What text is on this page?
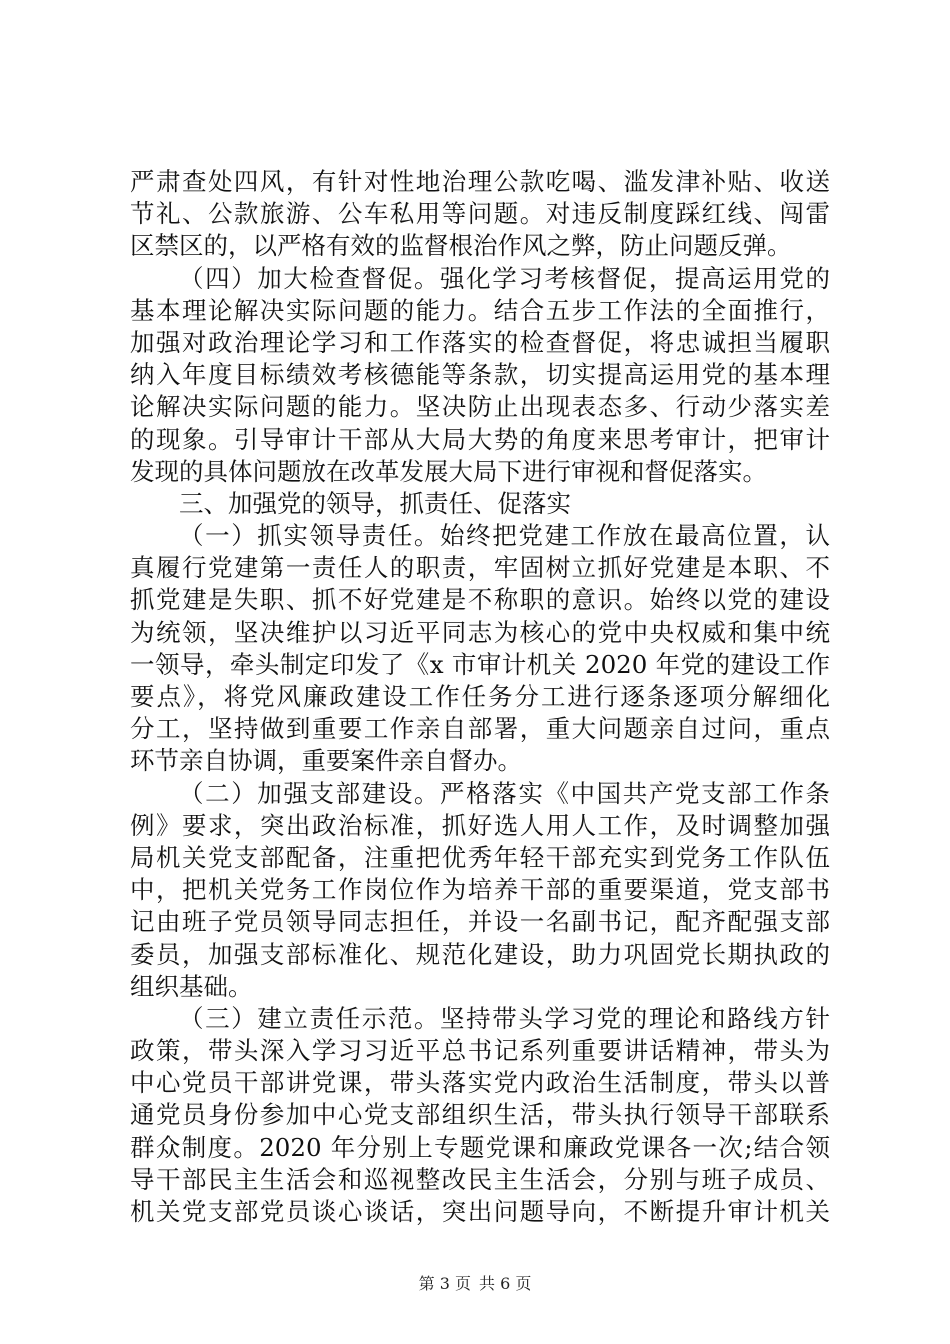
严肃查处四风，有针对性地治理公款吃喝、滥发津补贴、收送
节礼、公款旅游、公车私用等问题。对违反制度踩红线、闯雷
区禁区的，以严格有效的监督根治作风之弊，防止问题反弹。
（四）加大检查督促。强化学习考核督促，提高运用党的
基本理论解决实际问题的能力。结合五步工作法的全面推行，
加强对政治理论学习和工作落实的检查督促，将忠诚担当履职
纳入年度目标绩效考核德能等条款，切实提高运用党的基本理
论解决实际问题的能力。坚决防止出现表态多、行动少落实差
的现象。引导审计干部从大局大势的角度来思考审计，把审计
发现的具体问题放在改革发展大局下进行审视和督促落实。
三、加强党的领导，抓责任、促落实
（一）抓实领导责任。始终把党建工作放在最高位置，认
真履行党建第一责任人的职责，牢固树立抓好党建是本职、不
抓党建是失职、抓不好党建是不称职的意识。始终以党的建设
为统领，坚决维护以习近平同志为核心的党中央权威和集中统
一领导，牵头制定印发了《x 市审计机关 2020 年党的建设工作
要点》，将党风廉政建设工作任务分工进行逐条逐项分解细化
分工，坚持做到重要工作亲自部署，重大问题亲自过问，重点
环节亲自协调，重要案件亲自督办。
（二）加强支部建设。严格落实《中国共产党支部工作条
例》要求，突出政治标准，抓好选人用人工作，及时调整加强
局机关党支部配备，注重把优秀年轻干部充实到党务工作队伍
中，把机关党务工作岗位作为培养干部的重要渠道，党支部书
记由班子党员领导同志担任，并设一名副书记，配齐配强支部
委员，加强支部标准化、规范化建设，助力巩固党长期执政的
组织基础。
（三）建立责任示范。坚持带头学习党的理论和路线方针
政策，带头深入学习习近平总书记系列重要讲话精神，带头为
中心党员干部讲党课，带头落实党内政治生活制度，带头以普
通党员身份参加中心党支部组织生活，带头执行领导干部联系
群众制度。2020 年分别上专题党课和廉政党课各一次;结合领
导干部民主生活会和巡视整改民主生活会，分别与班子成员、
机关党支部党员谈心谈话，突出问题导向，不断提升审计机关
第 3 页 共 6 页
